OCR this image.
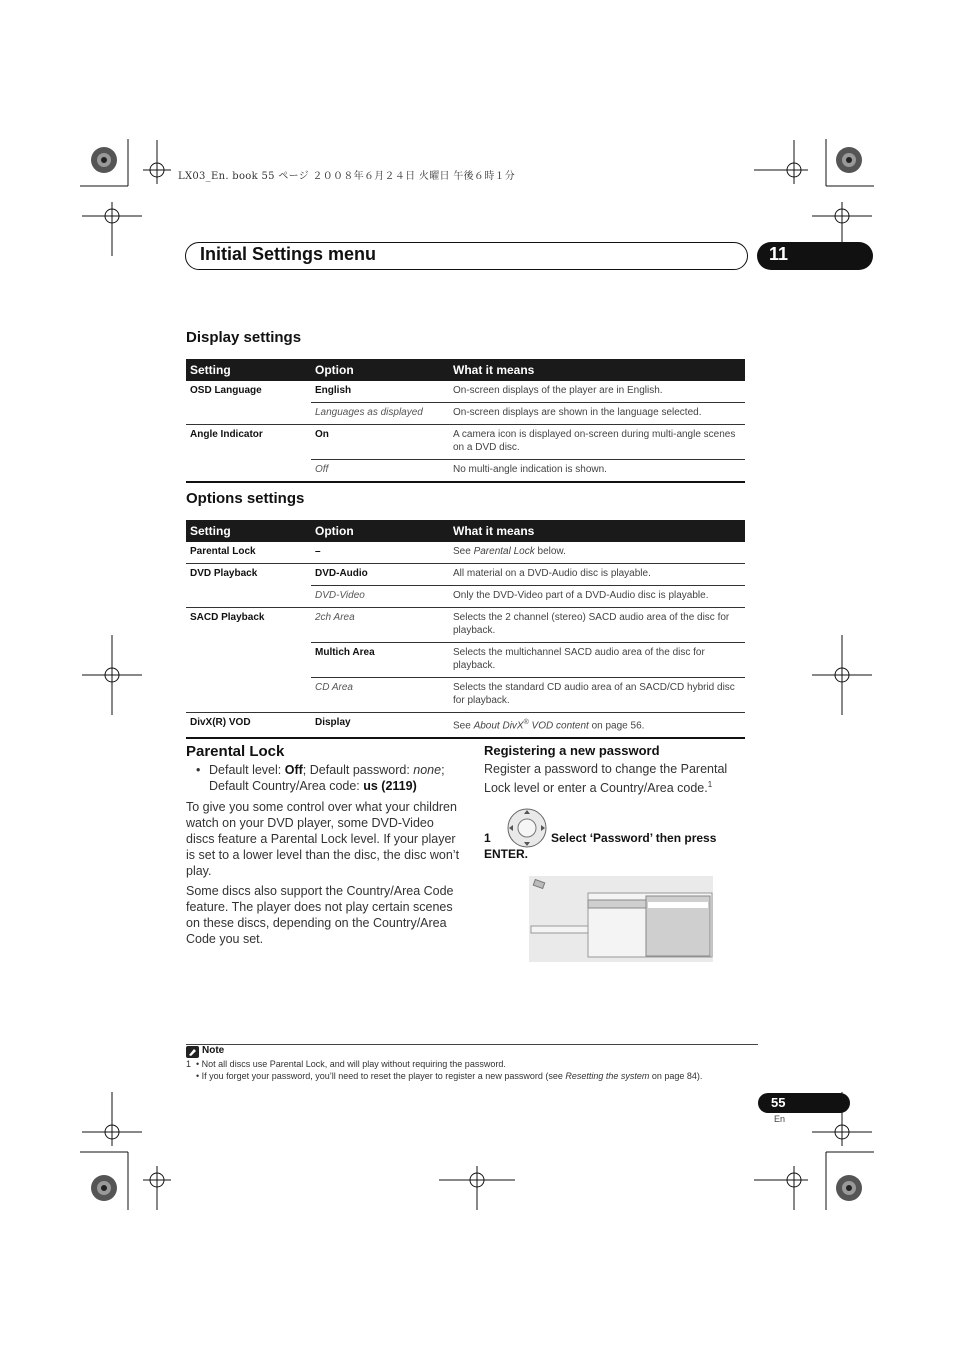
LX03_En. book 55 ページ ２００８年６月２４日 火曜日 午後６時１分
Initial Settings menu	11
Display settings
Setting	Option	What it means
OSD Language	English	On-screen displays of the player are in English.
	Languages as displayed	On-screen displays are shown in the language selected.
Angle Indicator	On	A camera icon is displayed on-screen during multi-angle scenes on a DVD disc.
	Off	No multi-angle indication is shown.
Options settings
Setting	Option	What it means
Parental Lock	–	See Parental Lock below.
DVD Playback	DVD-Audio	All material on a DVD-Audio disc is playable.
	DVD-Video	Only the DVD-Video part of a DVD-Audio disc is playable.
SACD Playback	2ch Area	Selects the 2 channel (stereo) SACD audio area of the disc for playback.
	Multich Area	Selects the multichannel SACD audio area of the disc for playback.
	CD Area	Selects the standard CD audio area of an SACD/CD hybrid disc for playback.
DivX(R) VOD	Display	See About DivX® VOD content on page 56.
Parental Lock
• Default level: Off; Default password: none; Default Country/Area code: us (2119)
To give you some control over what your children watch on your DVD player, some DVD-Video discs feature a Parental Lock level. If your player is set to a lower level than the disc, the disc won’t play.
Some discs also support the Country/Area Code feature. The player does not play certain scenes on these discs, depending on the Country/Area Code you set.
Registering a new password
Register a password to change the Parental Lock level or enter a Country/Area code.$^1$
1	Select ‘Password’ then press
ENTER.
Note
1  • Not all discs use Parental Lock, and will play without requiring the password.
• If you forget your password, you’ll need to reset the player to register a new password (see Resetting the system on page 84).
55
En
